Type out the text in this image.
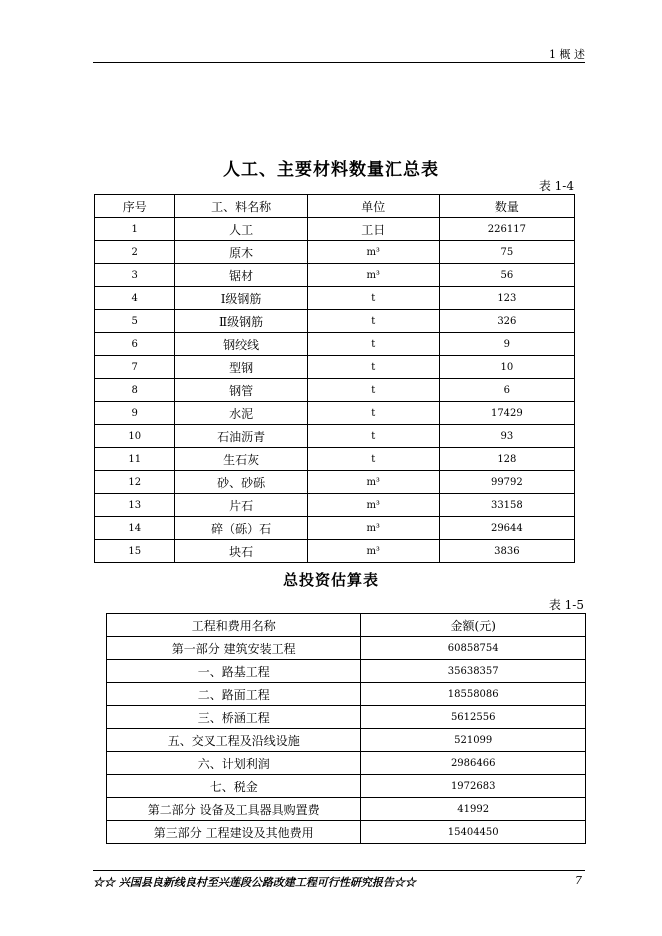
1 概 述
人工、主要材料数量汇总表
表 1-4
序号	工、料名称	单位	数量
1	人工	工日	226117
2	原木	m³	75
3	锯材	m³	56
4	Ⅰ级钢筋	t	123
5	Ⅱ级钢筋	t	326
6	钢绞线	t	9
7	型钢	t	10
8	钢管	t	6
9	水泥	t	17429
10	石油沥青	t	93
11	生石灰	t	128
12	砂、砂砾	m³	99792
13	片石	m³	33158
14	碎（砾）石	m³	29644
15	块石	m³	3836
总投资估算表
表 1-5
工程和费用名称	金额(元)
第一部分 建筑安装工程	60858754
一、路基工程	35638357
二、路面工程	18558086
三、桥涵工程	5612556
五、交叉工程及沿线设施	521099
六、计划利润	2986466
七、税金	1972683
第二部分 设备及工具器具购置费	41992
第三部分 工程建设及其他费用	15404450
☆☆ 兴国县良新线良村至兴莲段公路改建工程可行性研究报告☆☆	7
